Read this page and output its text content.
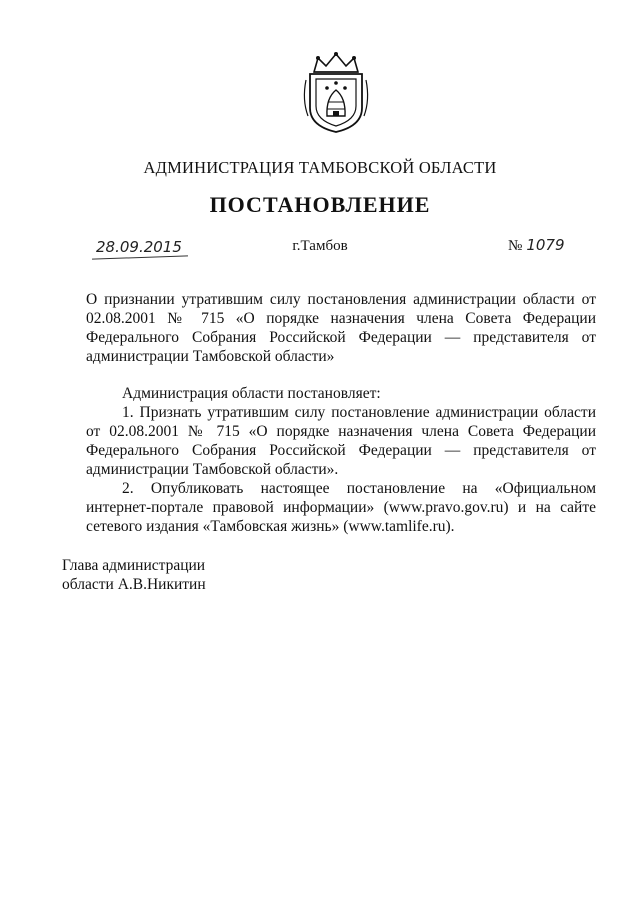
АДМИНИСТРАЦИЯ ТАМБОВСКОЙ ОБЛАСТИ
ПОСТАНОВЛЕНИЕ
28.09.2015	г.Тамбов	№ 1079
О признании утратившим силу постановления администрации области от 02.08.2001 № 715 «О порядке назначения члена Совета Федерации Федерального Собрания Российской Федерации — представителя от администрации Тамбовской области»

Администрация области постановляет:

1. Признать утратившим силу постановление администрации области от 02.08.2001 № 715 «О порядке назначения члена Совета Федерации Федерального Собрания Российской Федерации — представителя от администрации Тамбовской области».

2. Опубликовать настоящее постановление на «Официальном интернет-портале правовой информации» (www.pravo.gov.ru) и на сайте сетевого издания «Тамбовская жизнь» (www.tamlife.ru).

Глава администрации
области А.В.Никитин
